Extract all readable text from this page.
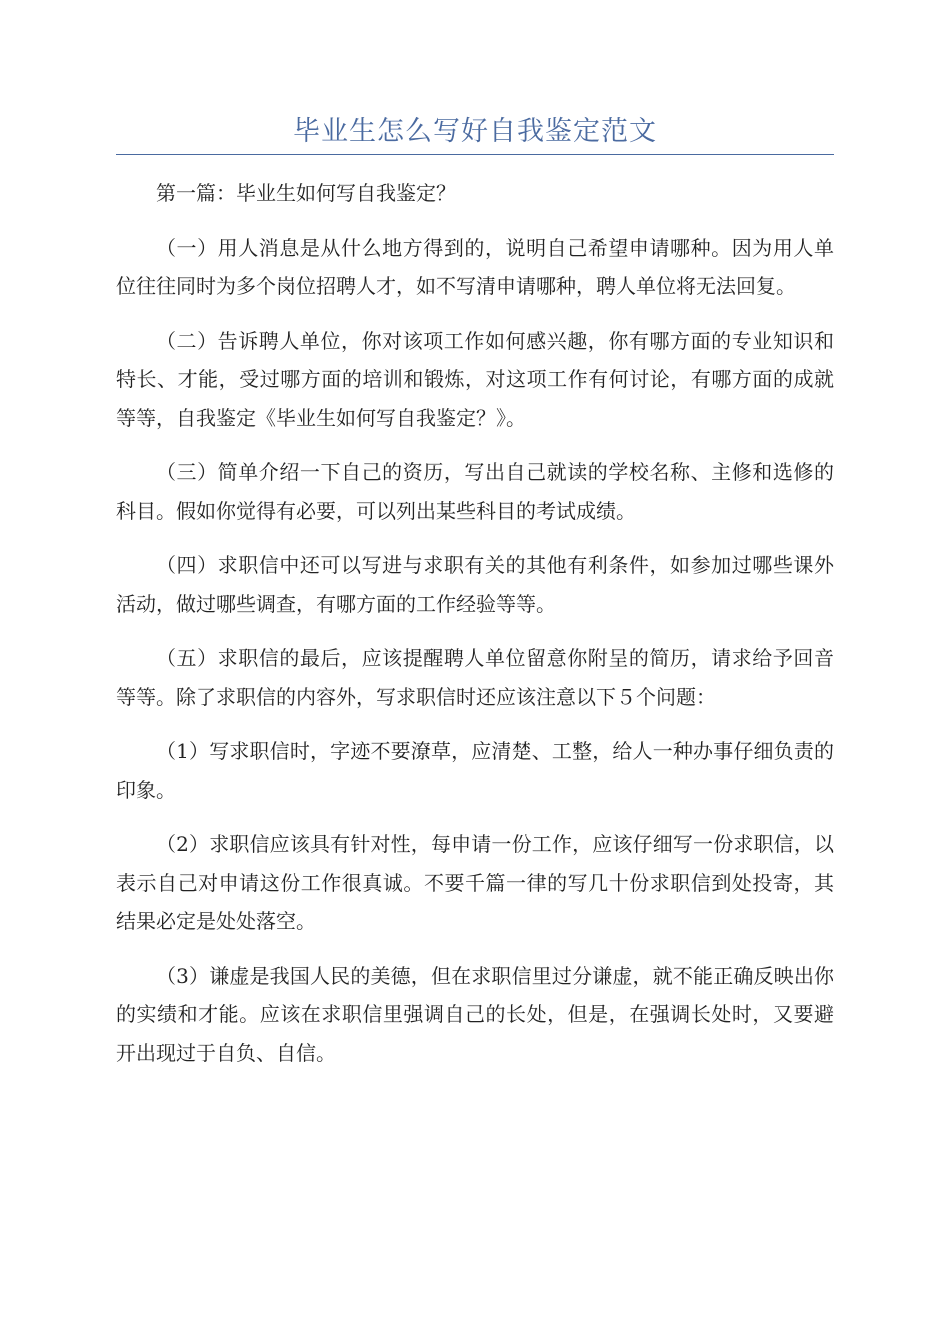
毕业生怎么写好自我鉴定范文

第一篇：毕业生如何写自我鉴定？

（一）用人消息是从什么地方得到的，说明自己希望申请哪种。因为用人单位往往同时为多个岗位招聘人才，如不写清申请哪种，聘人单位将无法回复。

（二）告诉聘人单位，你对该项工作如何感兴趣，你有哪方面的专业知识和特长、才能，受过哪方面的培训和锻炼，对这项工作有何讨论，有哪方面的成就等等，自我鉴定《毕业生如何写自我鉴定？》。

（三）简单介绍一下自己的资历，写出自己就读的学校名称、主修和选修的科目。假如你觉得有必要，可以列出某些科目的考试成绩。

（四）求职信中还可以写进与求职有关的其他有利条件，如参加过哪些课外活动，做过哪些调查，有哪方面的工作经验等等。

（五）求职信的最后，应该提醒聘人单位留意你附呈的简历，请求给予回音等等。除了求职信的内容外，写求职信时还应该注意以下５个问题：

（1）写求职信时，字迹不要潦草，应清楚、工整，给人一种办事仔细负责的印象。

（2）求职信应该具有针对性，每申请一份工作，应该仔细写一份求职信，以表示自己对申请这份工作很真诚。不要千篇一律的写几十份求职信到处投寄，其结果必定是处处落空。

（3）谦虚是我国人民的美德，但在求职信里过分谦虚，就不能正确反映出你的实绩和才能。应该在求职信里强调自己的长处，但是，在强调长处时，又要避开出现过于自负、自信。
